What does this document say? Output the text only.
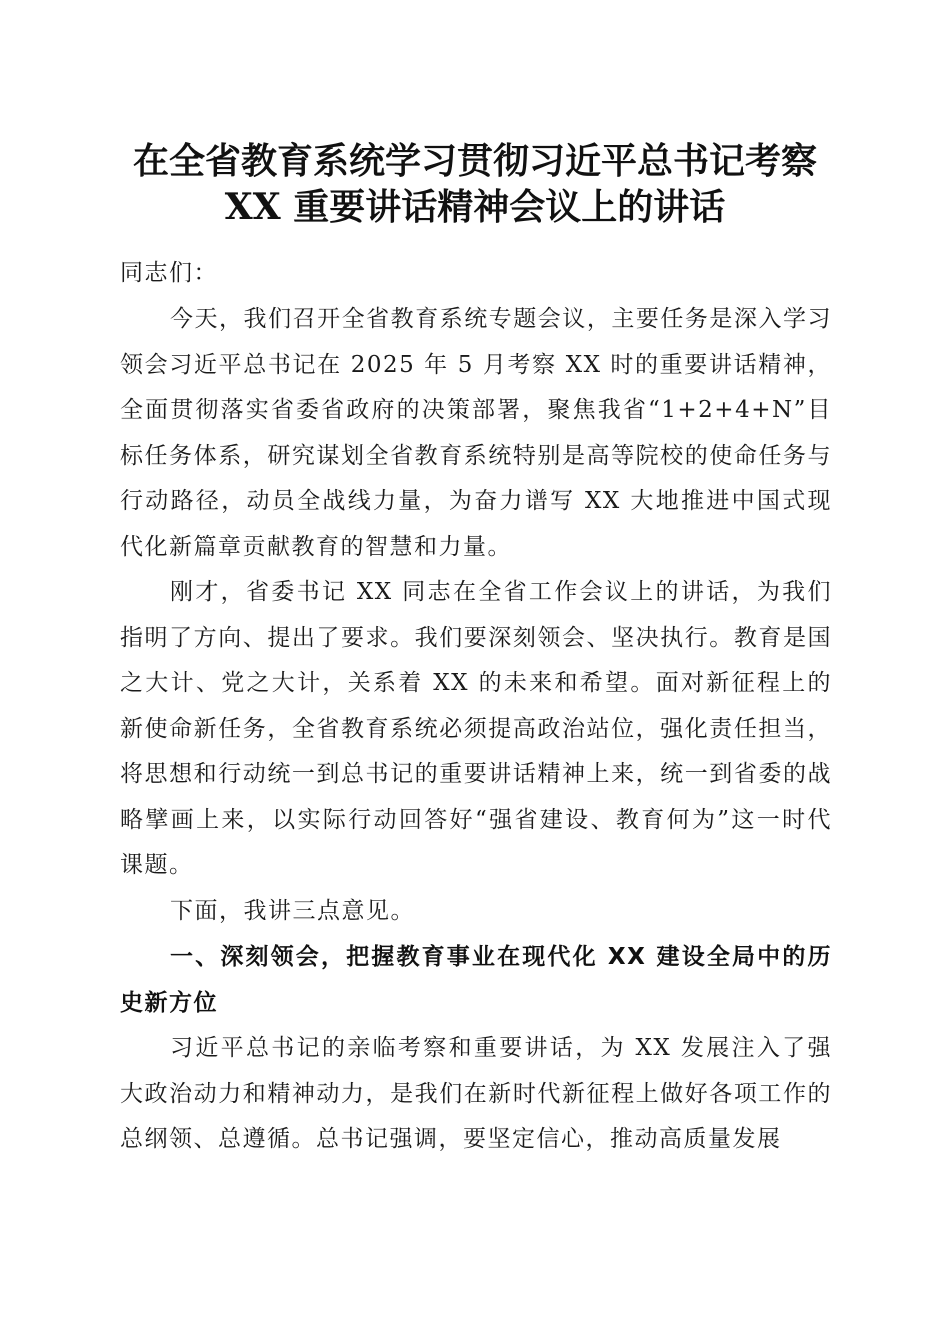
在全省教育系统学习贯彻习近平总书记考察
XX 重要讲话精神会议上的讲话
同志们：
今天，我们召开全省教育系统专题会议，主要任务是深入学习领会习近平总书记在 2025 年 5 月考察 XX 时的重要讲话精神，全面贯彻落实省委省政府的决策部署，聚焦我省“1+2+4+N”目标任务体系，研究谋划全省教育系统特别是高等院校的使命任务与行动路径，动员全战线力量，为奋力谱写 XX 大地推进中国式现代化新篇章贡献教育的智慧和力量。
刚才，省委书记 XX 同志在全省工作会议上的讲话，为我们指明了方向、提出了要求。我们要深刻领会、坚决执行。教育是国之大计、党之大计，关系着 XX 的未来和希望。面对新征程上的新使命新任务，全省教育系统必须提高政治站位，强化责任担当，将思想和行动统一到总书记的重要讲话精神上来，统一到省委的战略擘画上来，以实际行动回答好“强省建设、教育何为”这一时代课题。
下面，我讲三点意见。
一、深刻领会，把握教育事业在现代化 XX 建设全局中的历史新方位
习近平总书记的亲临考察和重要讲话，为 XX 发展注入了强大政治动力和精神动力，是我们在新时代新征程上做好各项工作的总纲领、总遵循。总书记强调，要坚定信心，推动高质量发展
